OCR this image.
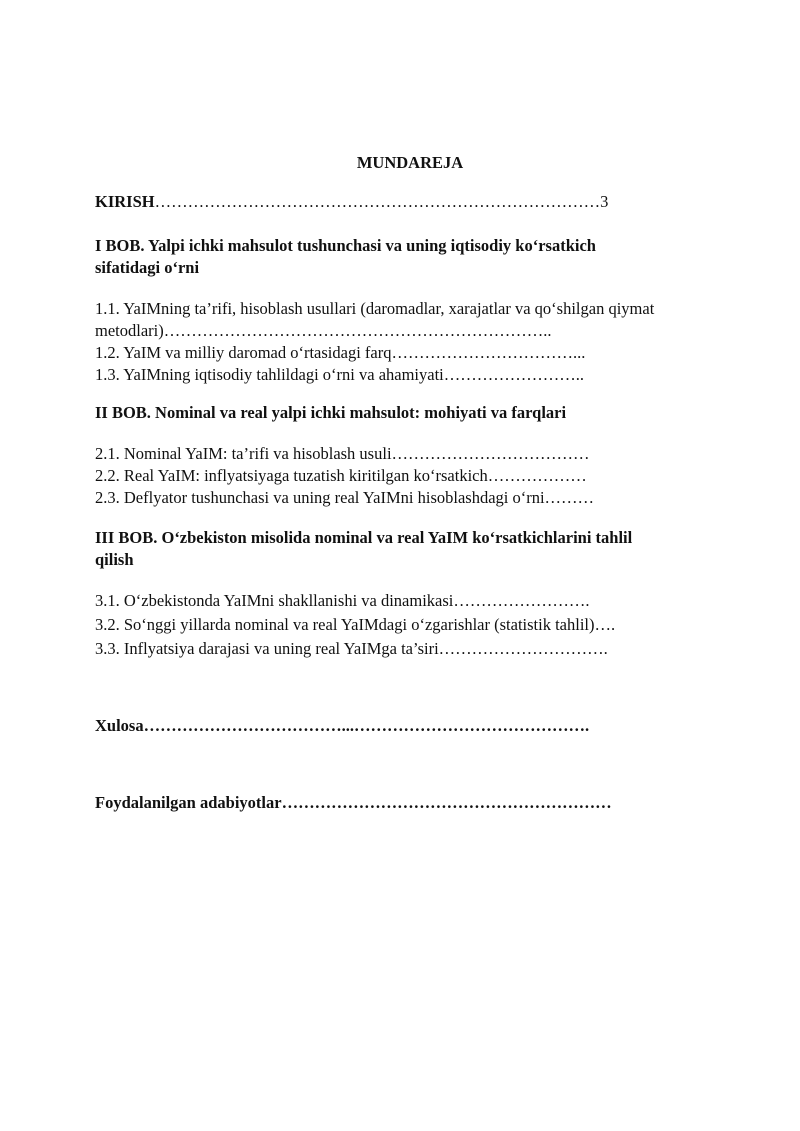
MUNDAREJA
KIRISH………………………………………………………………………3
I BOB. Yalpi ichki mahsulot tushunchasi va uning iqtisodiy ko‘rsatkich
sifatidagi o‘rni
1.1. YaIMning ta’rifi, hisoblash usullari (daromadlar, xarajatlar va qo‘shilgan qiymat
metodlari)……………………………………………………………..
1.2. YaIM va milliy daromad o‘rtasidagi farq……………………………...
1.3. YaIMning iqtisodiy tahlildagi o‘rni va ahamiyati……………………..
II BOB. Nominal va real yalpi ichki mahsulot: mohiyati va farqlari
2.1. Nominal YaIM: ta’rifi va hisoblash usuli………………………………
2.2. Real YaIM: inflyatsiyaga tuzatish kiritilgan ko‘rsatkich………………
2.3. Deflyator tushunchasi va uning real YaIMni hisoblashdagi o‘rni………
III BOB. O‘zbekiston misolida nominal va real YaIM ko‘rsatkichlarini tahlil
qilish
3.1. O‘zbekistonda YaIMni shakllanishi va dinamikasi…………………….
3.2. So‘nggi yillarda nominal va real YaIMdagi o‘zgarishlar (statistik tahlil)….
3.3. Inflyatsiya darajasi va uning real YaIMga ta’siri………………………….
Xulosa………………………………...…………………………………….
Foydalanilgan adabiyotlar……………………………………………………
